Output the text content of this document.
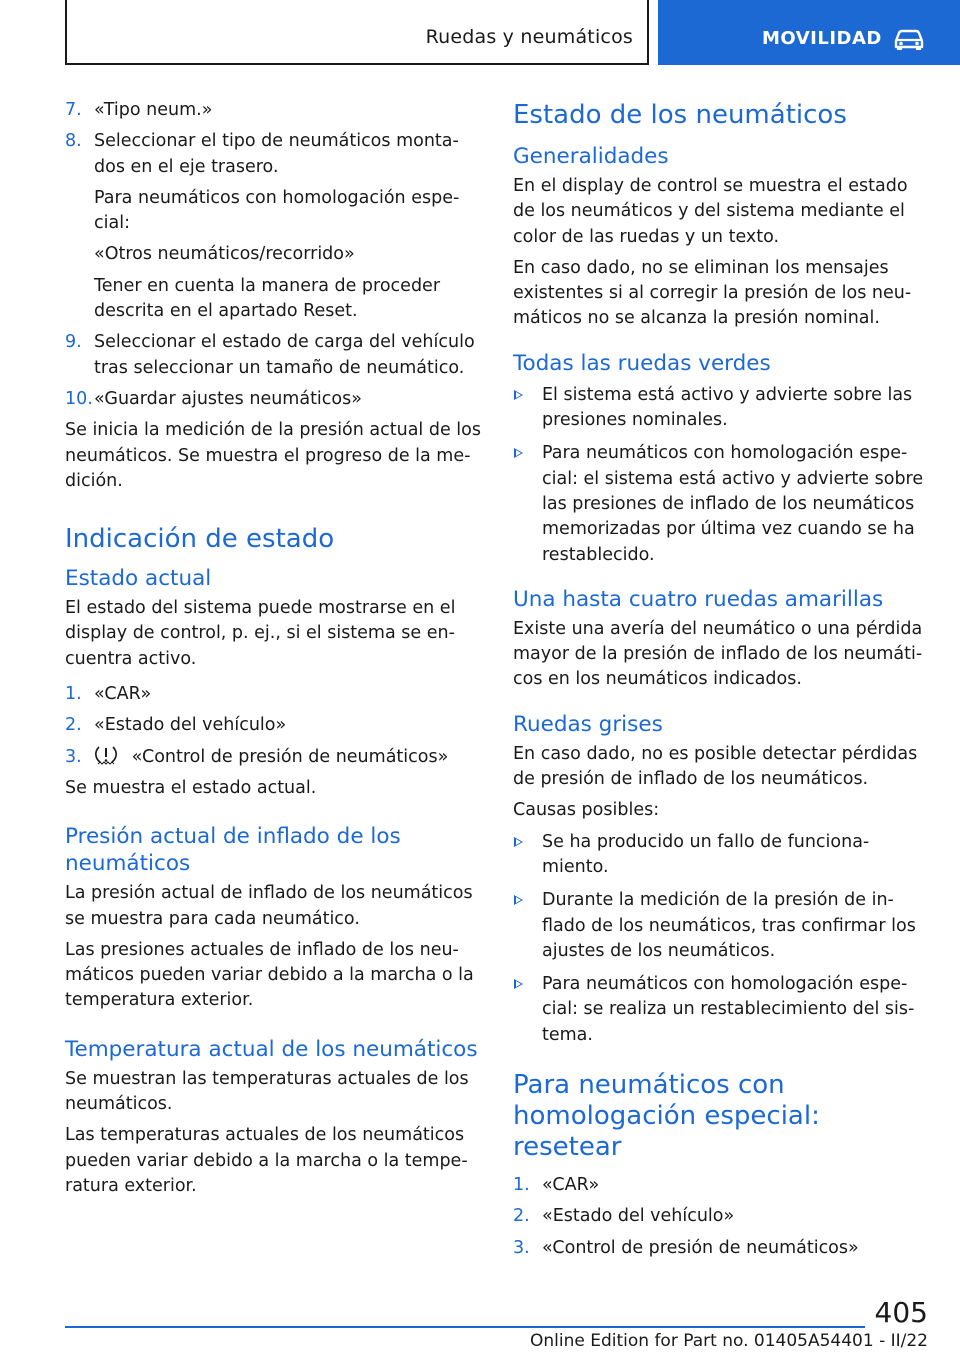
Ruedas y neumáticos	MOVILIDAD
7. «Tipo neum.»
8. Seleccionar el tipo de neumáticos monta-dos en el eje trasero.
Para neumáticos con homologación espe-cial:
«Otros neumáticos/recorrido»
Tener en cuenta la manera de proceder descrita en el apartado Reset.
9. Seleccionar el estado de carga del vehículo tras seleccionar un tamaño de neumático.
10. «Guardar ajustes neumáticos»

Se inicia la medición de la presión actual de los neumáticos. Se muestra el progreso de la me-dición.

Indicación de estado
Estado actual

El estado del sistema puede mostrarse en el display de control, p. ej., si el sistema se en-cuentra activo.

1. «CAR»
2. «Estado del vehículo»
3.	«Control de presión de neumáticos»

Se muestra el estado actual.

Presión actual de inflado de los neumáticos

La presión actual de inflado de los neumáticos se muestra para cada neumático.

Las presiones actuales de inflado de los neu-máticos pueden variar debido a la marcha o la temperatura exterior.

Temperatura actual de los neumáticos

Se muestran las temperaturas actuales de los neumáticos.

Las temperaturas actuales de los neumáticos pueden variar debido a la marcha o la tempe-ratura exterior.

Estado de los neumáticos
Generalidades

En el display de control se muestra el estado de los neumáticos y del sistema mediante el color de las ruedas y un texto.

En caso dado, no se eliminan los mensajes existentes si al corregir la presión de los neu-máticos no se alcanza la presión nominal.

Todas las ruedas verdes
El sistema está activo y advierte sobre las presiones nominales.
Para neumáticos con homologación espe-cial: el sistema está activo y advierte sobre las presiones de inflado de los neumáticos memorizadas por última vez cuando se ha restablecido.
Una hasta cuatro ruedas amarillas

Existe una avería del neumático o una pérdida mayor de la presión de inflado de los neumáti-cos en los neumáticos indicados.

Ruedas grises

En caso dado, no es posible detectar pérdidas de presión de inflado de los neumáticos.

Causas posibles:

Se ha producido un fallo de funciona-miento.
Durante la medición de la presión de in-flado de los neumáticos, tras confirmar los ajustes de los neumáticos.
Para neumáticos con homologación espe-cial: se realiza un restablecimiento del sis-tema.
Para neumáticos con homologación especial: resetear
1. «CAR»
2. «Estado del vehículo»
3. «Control de presión de neumáticos»
405
Online Edition for Part no. 01405A54401 - II/22
